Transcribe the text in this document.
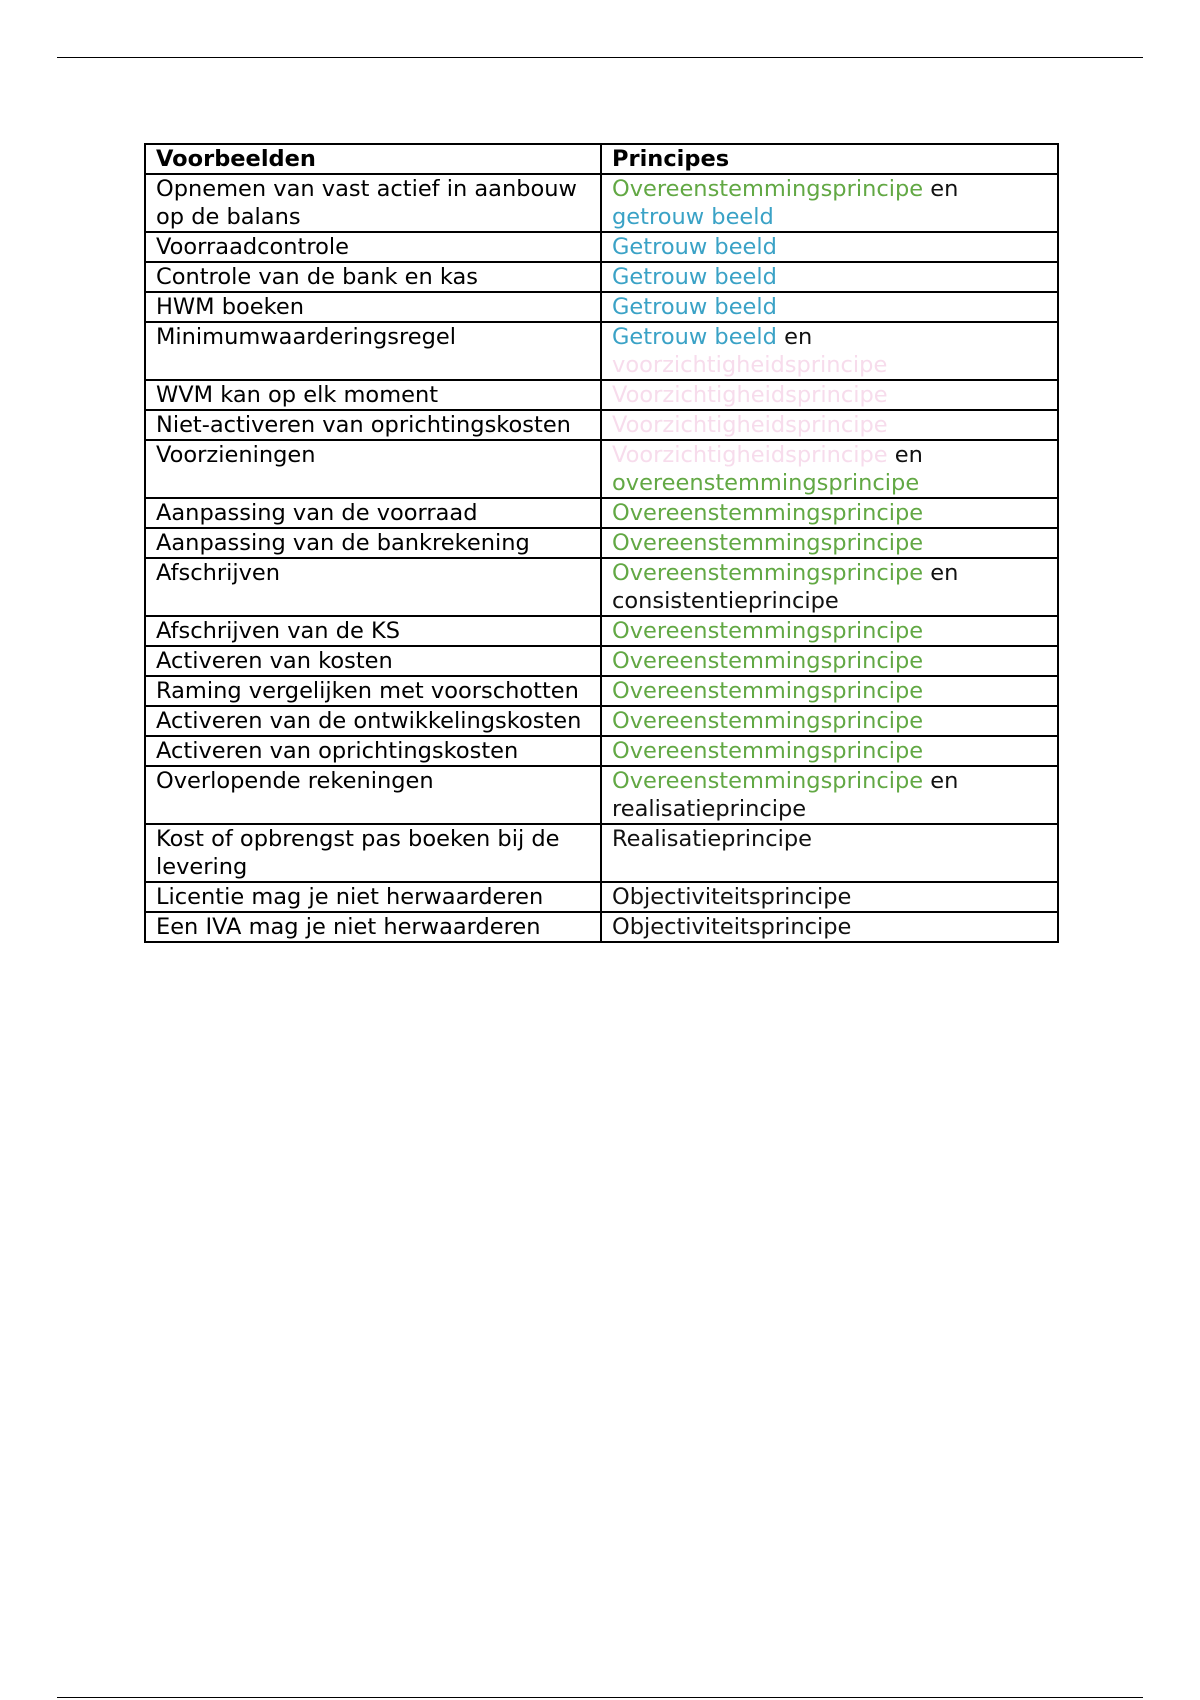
Voorbeelden	Principes
Opnemen van vast actief in aanbouw op de balans	Overeenstemmingsprincipe en getrouw beeld
Voorraadcontrole	Getrouw beeld
Controle van de bank en kas	Getrouw beeld
HWM boeken	Getrouw beeld
Minimumwaarderingsregel	Getrouw beeld en voorzichtigheidsprincipe
WVM kan op elk moment	Voorzichtigheidsprincipe
Niet-activeren van oprichtingskosten	Voorzichtigheidsprincipe
Voorzieningen	Voorzichtigheidsprincipe en overeenstemmingsprincipe
Aanpassing van de voorraad	Overeenstemmingsprincipe
Aanpassing van de bankrekening	Overeenstemmingsprincipe
Afschrijven	Overeenstemmingsprincipe en consistentieprincipe
Afschrijven van de KS	Overeenstemmingsprincipe
Activeren van kosten	Overeenstemmingsprincipe
Raming vergelijken met voorschotten	Overeenstemmingsprincipe
Activeren van de ontwikkelingskosten	Overeenstemmingsprincipe
Activeren van oprichtingskosten	Overeenstemmingsprincipe
Overlopende rekeningen	Overeenstemmingsprincipe en realisatieprincipe
Kost of opbrengst pas boeken bij de levering	Realisatieprincipe
Licentie mag je niet herwaarderen	Objectiviteitsprincipe
Een IVA mag je niet herwaarderen	Objectiviteitsprincipe
